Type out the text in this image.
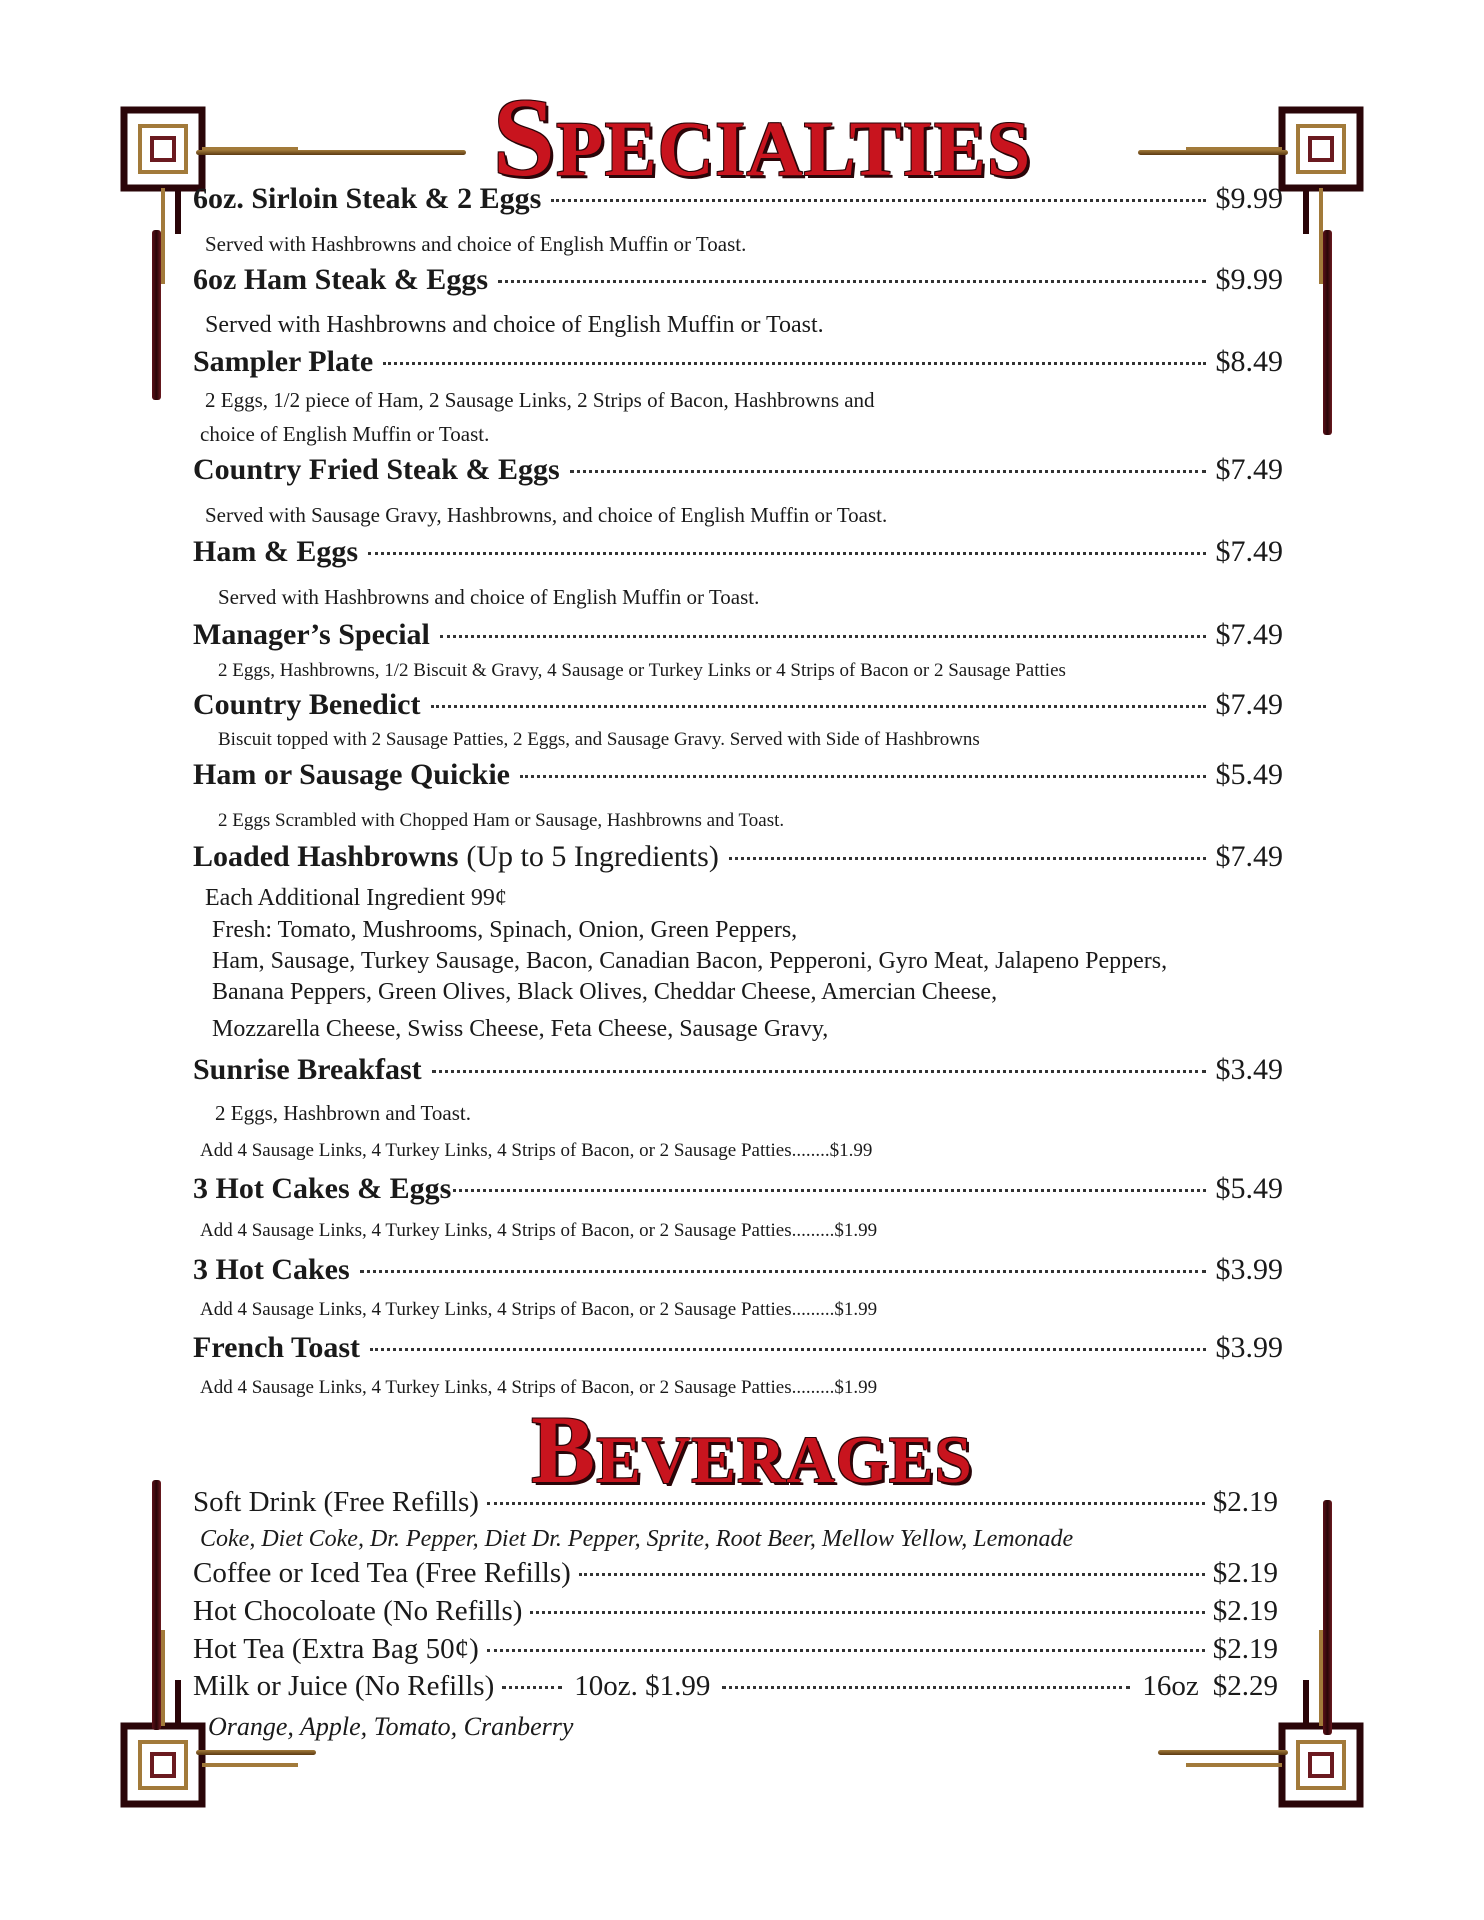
Specialties
Beverages
6oz. Sirloin Steak & 2 Eggs	$9.99
Served with Hashbrowns and choice of English Muffin or Toast.
6oz Ham Steak & Eggs	$9.99
Served with Hashbrowns and choice of English Muffin or Toast.
Sampler Plate	$8.49
2 Eggs, 1/2 piece of Ham, 2 Sausage Links, 2 Strips of Bacon, Hashbrowns and
choice of English Muffin or Toast.
Country Fried Steak & Eggs	$7.49
Served with Sausage Gravy, Hashbrowns, and choice of English Muffin or Toast.
Ham & Eggs	$7.49
Served with Hashbrowns and choice of English Muffin or Toast.
Manager’s Special	$7.49
2 Eggs, Hashbrowns, 1/2 Biscuit & Gravy, 4 Sausage or Turkey Links or 4 Strips of Bacon or 2 Sausage Patties
Country Benedict	$7.49
Biscuit topped with 2 Sausage Patties, 2 Eggs, and Sausage Gravy. Served with Side of Hashbrowns
Ham or Sausage Quickie	$5.49
2 Eggs Scrambled with Chopped Ham or Sausage, Hashbrowns and Toast.
Loaded Hashbrowns (Up to 5 Ingredients)	$7.49
Each Additional Ingredient 99¢
Fresh: Tomato, Mushrooms, Spinach, Onion, Green Peppers,
Ham, Sausage, Turkey Sausage, Bacon, Canadian Bacon, Pepperoni, Gyro Meat, Jalapeno Peppers,
Banana Peppers, Green Olives, Black Olives, Cheddar Cheese, Amercian Cheese,
Mozzarella Cheese, Swiss Cheese, Feta Cheese, Sausage Gravy,
Sunrise Breakfast	$3.49
2 Eggs, Hashbrown and Toast.
Add 4 Sausage Links, 4 Turkey Links, 4 Strips of Bacon, or 2 Sausage Patties........$1.99
3 Hot Cakes & Eggs	$5.49
Add 4 Sausage Links, 4 Turkey Links, 4 Strips of Bacon, or 2 Sausage Patties.........$1.99
3 Hot Cakes	$3.99
Add 4 Sausage Links, 4 Turkey Links, 4 Strips of Bacon, or 2 Sausage Patties.........$1.99
French Toast	$3.99
Add 4 Sausage Links, 4 Turkey Links, 4 Strips of Bacon, or 2 Sausage Patties.........$1.99
Soft Drink (Free Refills)	$2.19
Coke, Diet Coke, Dr. Pepper, Diet Dr. Pepper, Sprite, Root Beer, Mellow Yellow, Lemonade
Coffee or Iced Tea (Free Refills)	$2.19
Hot Chocoloate (No Refills)	$2.19
Hot Tea (Extra Bag 50¢)	$2.19
Milk or Juice (No Refills)	10oz. $1.99	16oz $2.29
Orange, Apple, Tomato, Cranberry
